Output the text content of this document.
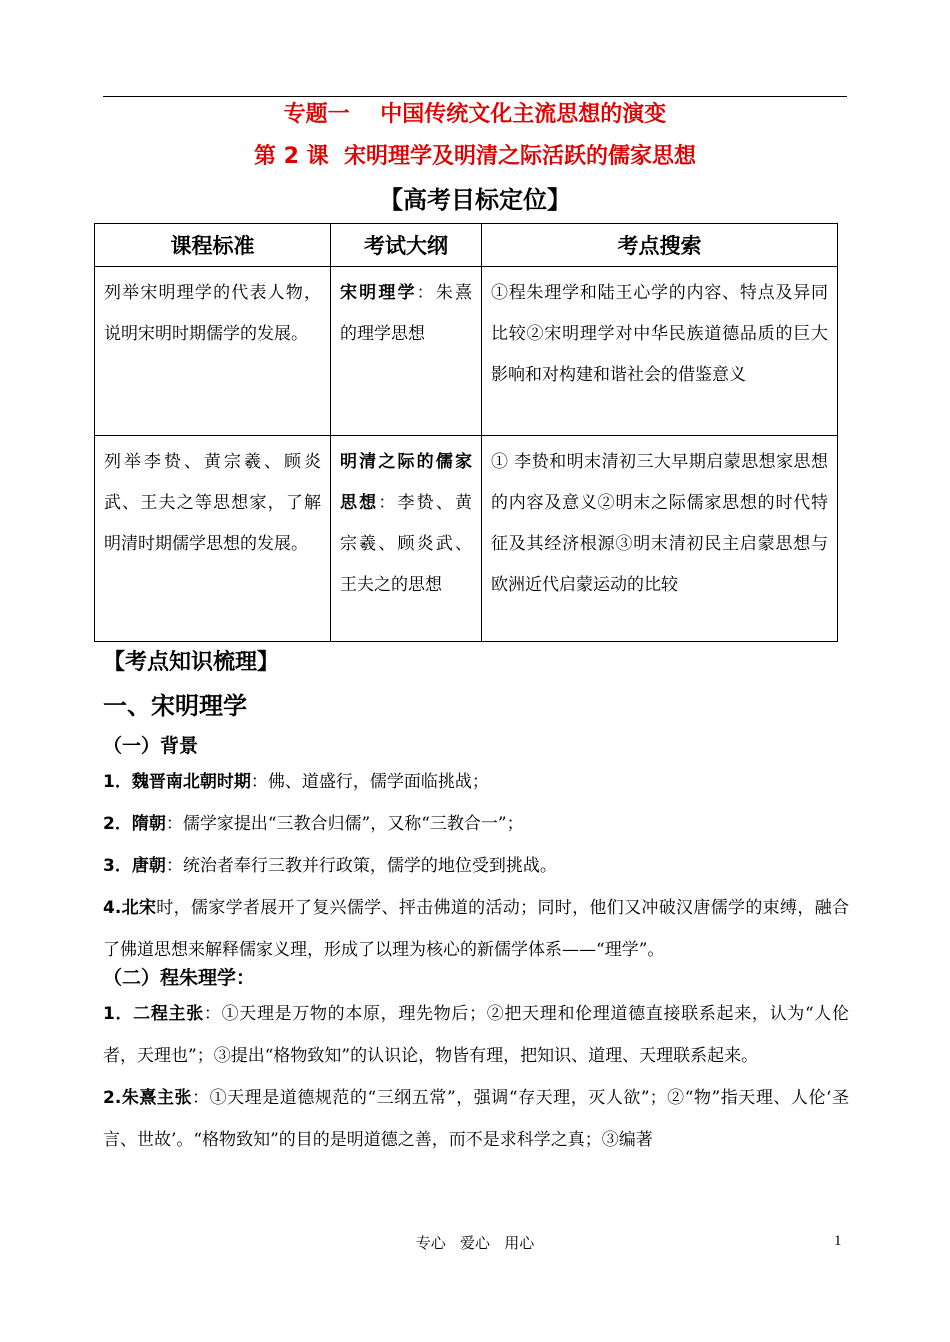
专题一    中国传统文化主流思想的演变
第 2 课  宋明理学及明清之际活跃的儒家思想
【高考目标定位】
课程标准	考试大纲	考点搜索
列举宋明理学的代表人物，说明宋明时期儒学的发展。	宋明理学：朱熹的理学思想	①程朱理学和陆王心学的内容、特点及异同比较②宋明理学对中华民族道德品质的巨大影响和对构建和谐社会的借鉴意义
列举李贽、黄宗羲、顾炎武、王夫之等思想家，了解明清时期儒学思想的发展。	明清之际的儒家思想：李贽、黄宗羲、顾炎武、王夫之的思想	① 李贽和明末清初三大早期启蒙思想家思想的内容及意义②明末之际儒家思想的时代特征及其经济根源③明末清初民主启蒙思想与欧洲近代启蒙运动的比较
【考点知识梳理】
一、宋明理学
（一）背景

1．魏晋南北朝时期：佛、道盛行，儒学面临挑战；

2．隋朝：儒学家提出“三教合归儒”，又称“三教合一”；

3．唐朝：统治者奉行三教并行政策，儒学的地位受到挑战。

4.北宋时，儒家学者展开了复兴儒学、抨击佛道的活动；同时，他们又冲破汉唐儒学的束缚，融合了佛道思想来解释儒家义理，形成了以理为核心的新儒学体系——“理学”。

（二）程朱理学：

1．二程主张：①天理是万物的本原，理先物后；②把天理和伦理道德直接联系起来，认为“人伦者，天理也”；③提出“格物致知”的认识论，物皆有理，把知识、道理、天理联系起来。

2.朱熹主张：①天理是道德规范的“三纲五常”，强调“存天理，灭人欲”；②“物”指天理、人伦‘圣言、世故’。“格物致知”的目的是明道德之善，而不是求科学之真；③编著

专心   爱心   用心	1
